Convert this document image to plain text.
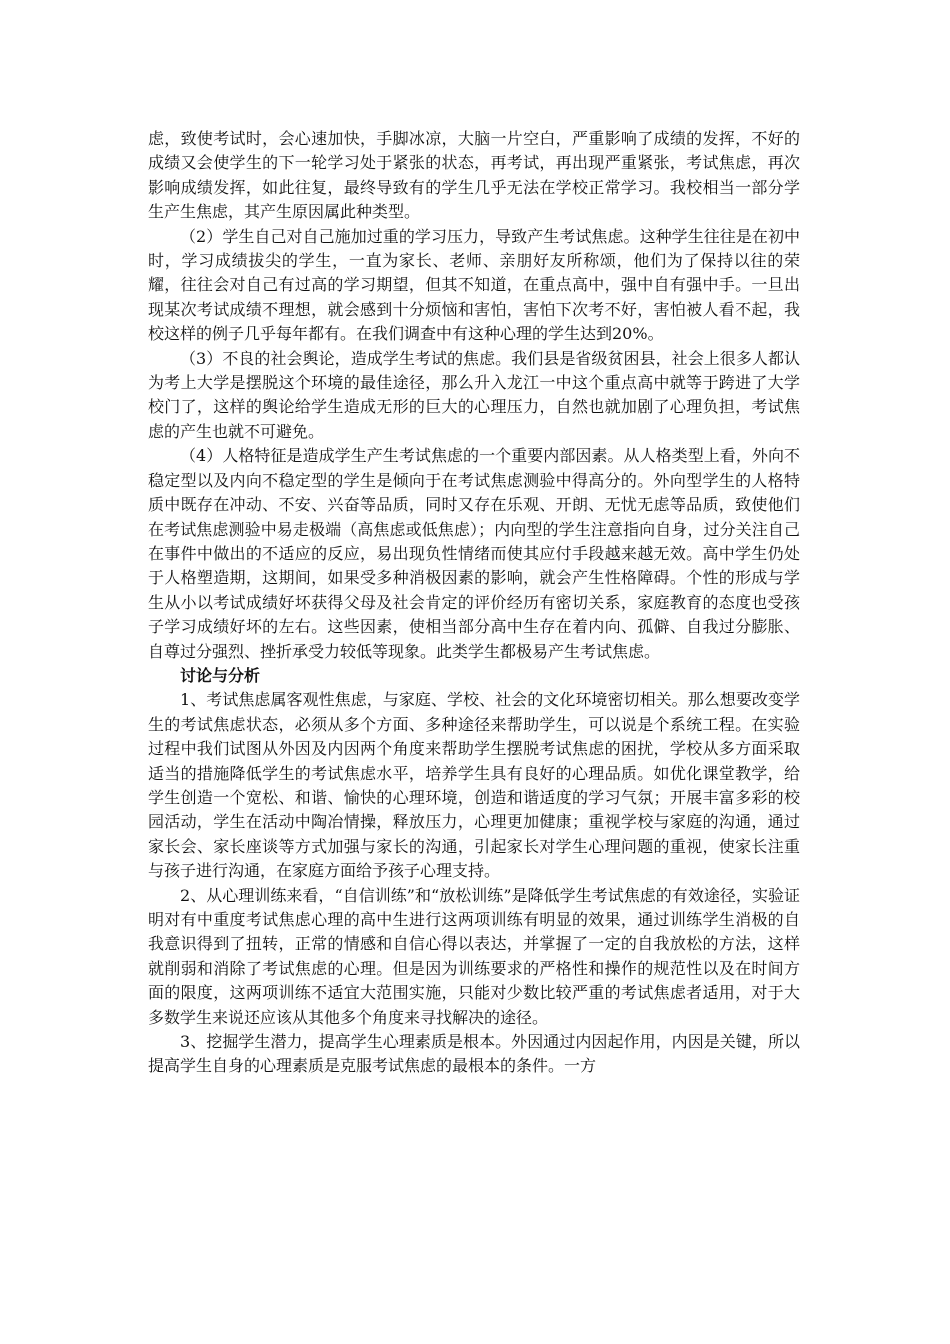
虑，致使考试时，会心速加快，手脚冰凉，大脑一片空白，严重影响了成绩的发挥，不好的成绩又会使学生的下一轮学习处于紧张的状态，再考试，再出现严重紧张，考试焦虑，再次影响成绩发挥，如此往复，最终导致有的学生几乎无法在学校正常学习。我校相当一部分学生产生焦虑，其产生原因属此种类型。

（2）学生自己对自己施加过重的学习压力，导致产生考试焦虑。这种学生往往是在初中时，学习成绩拔尖的学生，一直为家长、老师、亲朋好友所称颂，他们为了保持以往的荣耀，往往会对自己有过高的学习期望，但其不知道，在重点高中，强中自有强中手。一旦出现某次考试成绩不理想，就会感到十分烦恼和害怕，害怕下次考不好，害怕被人看不起，我校这样的例子几乎每年都有。在我们调查中有这种心理的学生达到20%。

（3）不良的社会舆论，造成学生考试的焦虑。我们县是省级贫困县，社会上很多人都认为考上大学是摆脱这个环境的最佳途径，那么升入龙江一中这个重点高中就等于跨进了大学校门了，这样的舆论给学生造成无形的巨大的心理压力，自然也就加剧了心理负担，考试焦虑的产生也就不可避免。

（4）人格特征是造成学生产生考试焦虑的一个重要内部因素。从人格类型上看，外向不稳定型以及内向不稳定型的学生是倾向于在考试焦虑测验中得高分的。外向型学生的人格特质中既存在冲动、不安、兴奋等品质，同时又存在乐观、开朗、无忧无虑等品质，致使他们在考试焦虑测验中易走极端（高焦虑或低焦虑）；内向型的学生注意指向自身，过分关注自己在事件中做出的不适应的反应，易出现负性情绪而使其应付手段越来越无效。高中学生仍处于人格塑造期，这期间，如果受多种消极因素的影响，就会产生性格障碍。个性的形成与学生从小以考试成绩好坏获得父母及社会肯定的评价经历有密切关系，家庭教育的态度也受孩子学习成绩好坏的左右。这些因素，使相当部分高中生存在着内向、孤僻、自我过分膨胀、自尊过分强烈、挫折承受力较低等现象。此类学生都极易产生考试焦虑。

讨论与分析

1、考试焦虑属客观性焦虑，与家庭、学校、社会的文化环境密切相关。那么想要改变学生的考试焦虑状态，必须从多个方面、多种途径来帮助学生，可以说是个系统工程。在实验过程中我们试图从外因及内因两个角度来帮助学生摆脱考试焦虑的困扰，学校从多方面采取适当的措施降低学生的考试焦虑水平，培养学生具有良好的心理品质。如优化课堂教学，给学生创造一个宽松、和谐、愉快的心理环境，创造和谐适度的学习气氛；开展丰富多彩的校园活动，学生在活动中陶冶情操，释放压力，心理更加健康；重视学校与家庭的沟通，通过家长会、家长座谈等方式加强与家长的沟通，引起家长对学生心理问题的重视，使家长注重与孩子进行沟通，在家庭方面给予孩子心理支持。

2、从心理训练来看，“自信训练”和“放松训练”是降低学生考试焦虑的有效途径，实验证明对有中重度考试焦虑心理的高中生进行这两项训练有明显的效果，通过训练学生消极的自我意识得到了扭转，正常的情感和自信心得以表达，并掌握了一定的自我放松的方法，这样就削弱和消除了考试焦虑的心理。但是因为训练要求的严格性和操作的规范性以及在时间方面的限度，这两项训练不适宜大范围实施，只能对少数比较严重的考试焦虑者适用，对于大多数学生来说还应该从其他多个角度来寻找解决的途径。

3、挖掘学生潜力，提高学生心理素质是根本。外因通过内因起作用，内因是关键，所以提高学生自身的心理素质是克服考试焦虑的最根本的条件。一方
